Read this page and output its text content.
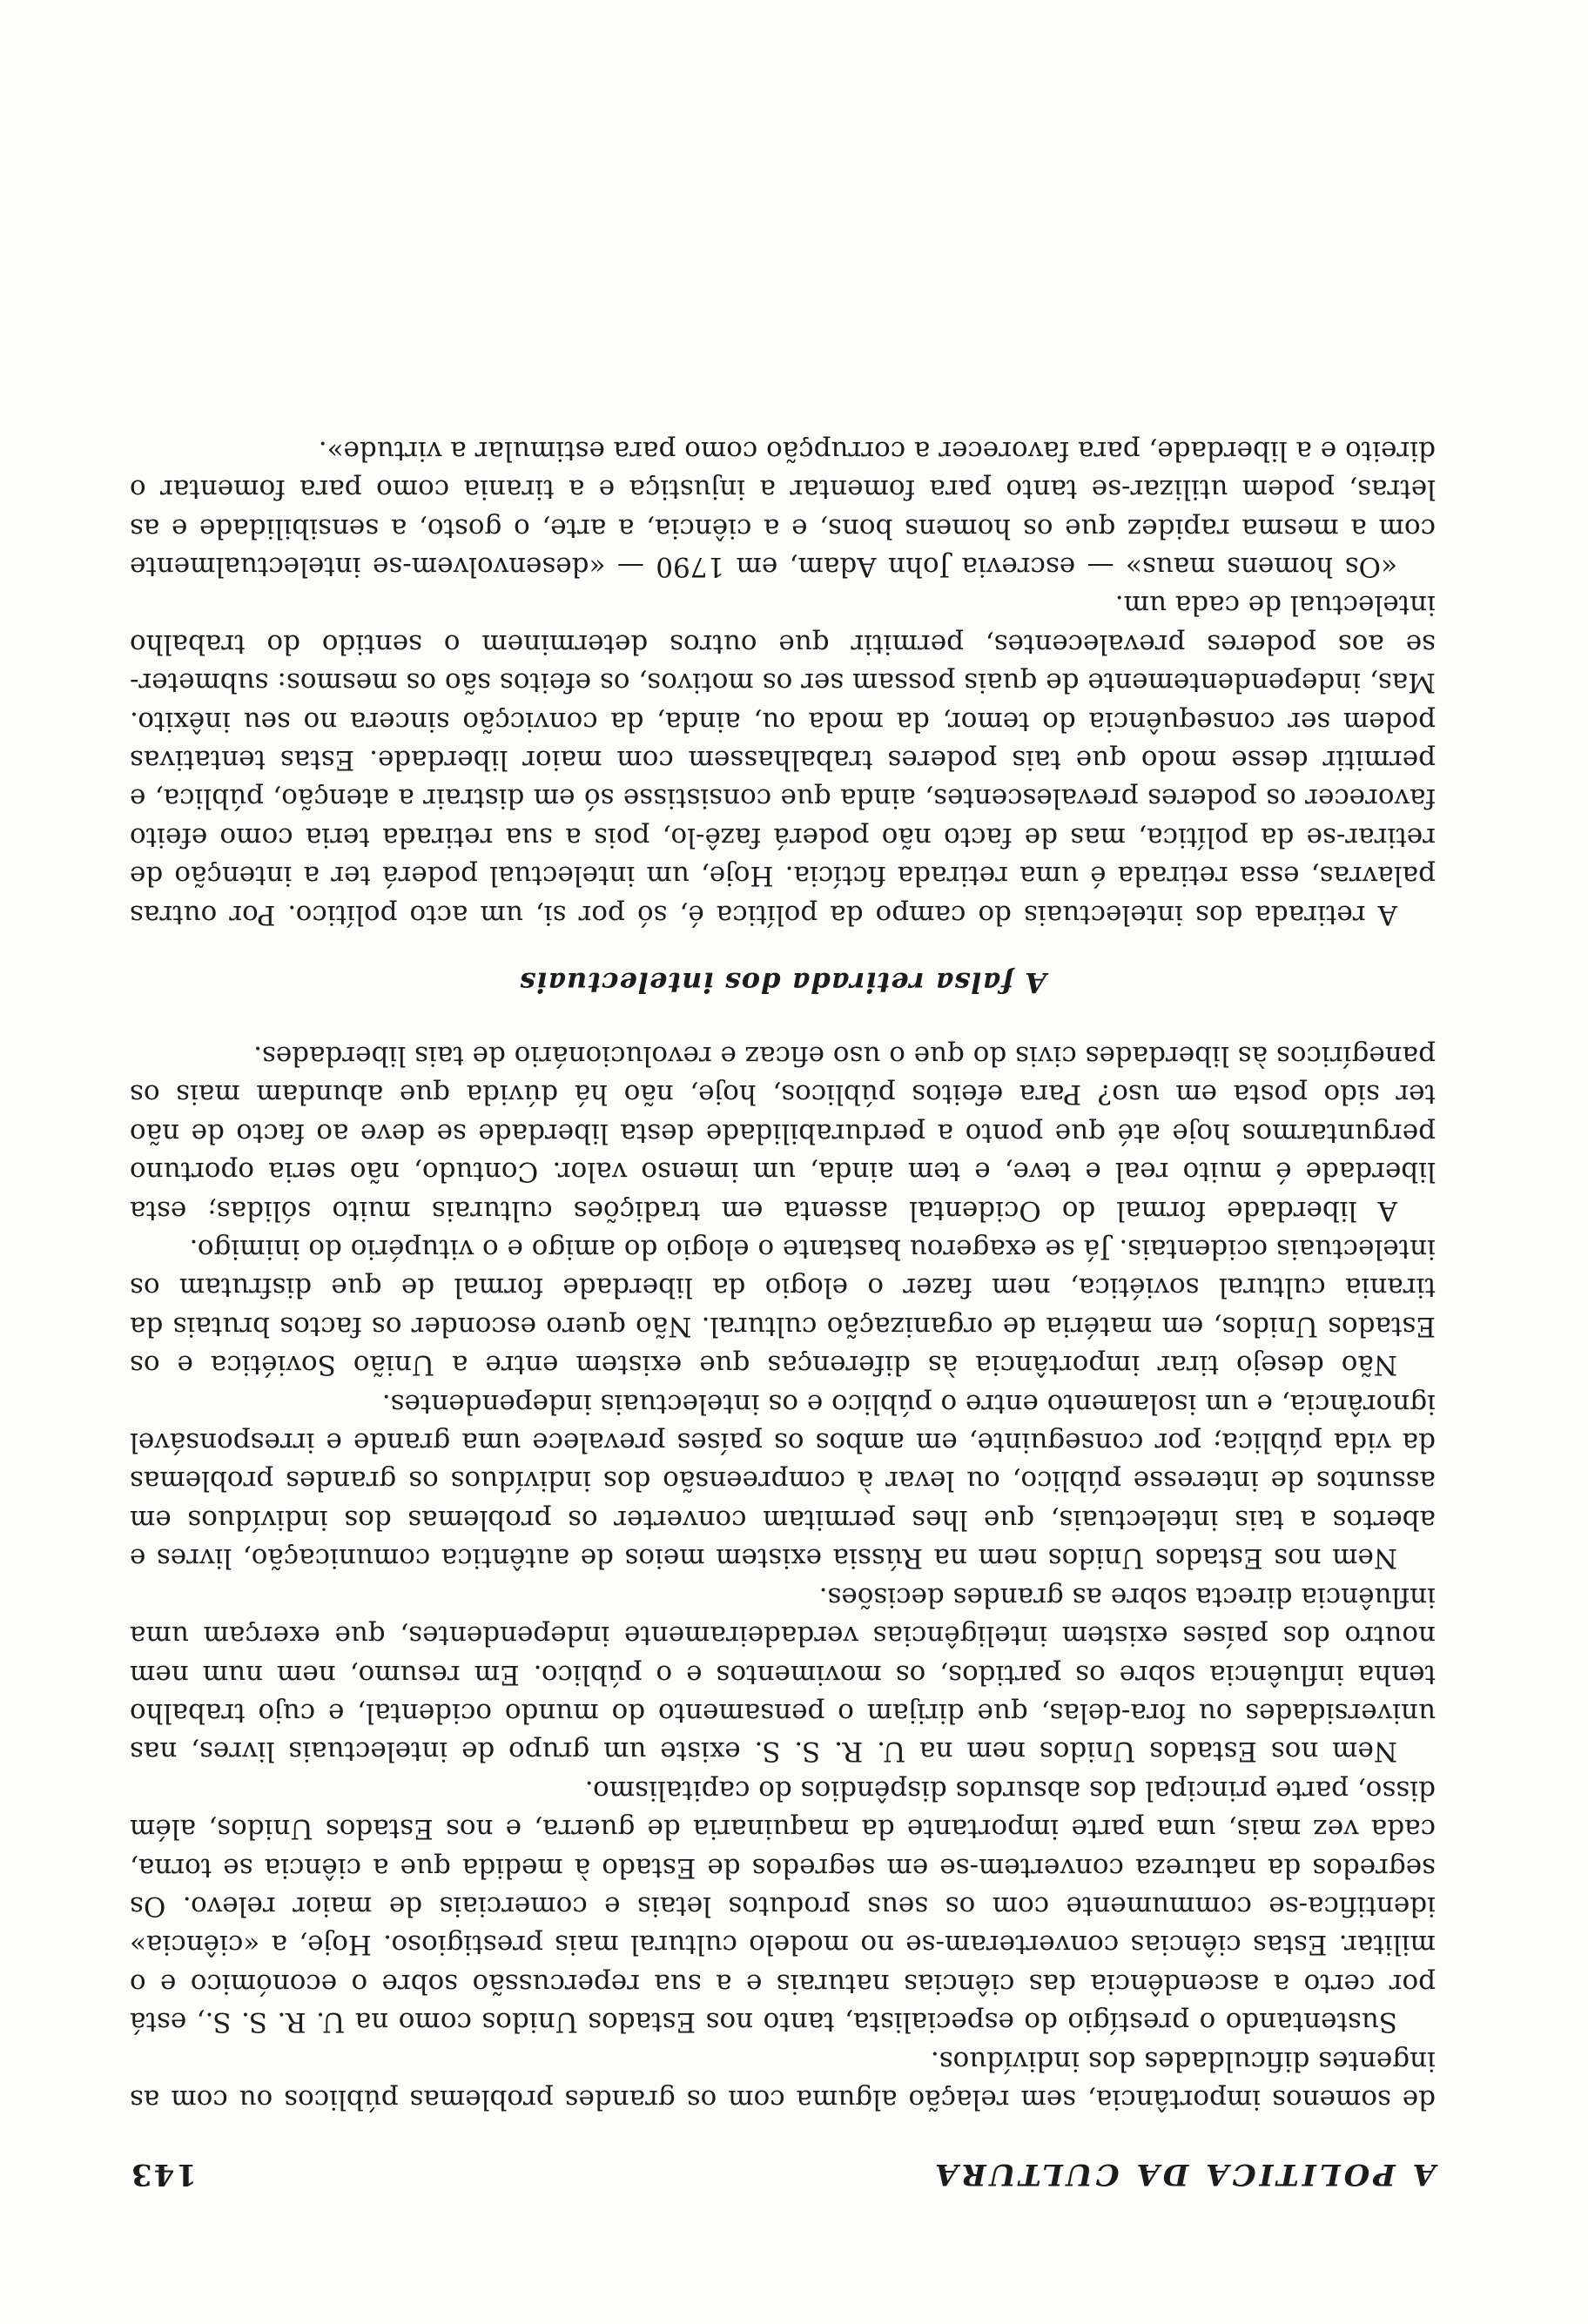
A POLITICA DA CULTURA
143

de somenos importância, sem relação alguma com os grandes problemas públicos ou com as ingentes dificuldades dos indivíduos.

Sustentando o prestígio do especialista, tanto nos Estados Unidos como na U. R. S. S., está por certo a ascendência das ciências naturais e a sua repercussão sobre o económico e o militar. Estas ciências converteram-se no modelo cultural mais prestigioso. Hoje, a «ciência» identifica-se commumente com os seus produtos letais e comerciais de maior relevo. Os segredos da natureza convertem-se em segredos de Estado à medida que a ciência se torna, cada vez mais, uma parte importante da maquinaria de guerra, e nos Estados Unidos, além disso, parte principal dos absurdos dispêndios do capitalismo.

Nem nos Estados Unidos nem na U. R. S. S. existe um grupo de intelectuais livres, nas universidades ou fora-delas, que dirijam o pensamento do mundo ocidental, e cujo trabalho tenha influência sobre os partidos, os movimentos e o público. Em resumo, nem num nem noutro dos países existem inteligências verdadeiramente independentes, que exerçam uma influência directa sobre as grandes decisões.

Nem nos Estados Unidos nem na Rússia existem meios de autêntica comunicação, livres e abertos a tais intelectuais, que lhes permitam converter os problemas dos indivíduos em assuntos de interesse público, ou levar à compreensão dos indivíduos os grandes problemas da vida pública; por conseguinte, em ambos os países prevalece uma grande e irresponsável ignorância, e um isolamento entre o público e os intelectuais independentes.

Não desejo tirar importância às diferenças que existem entre a União Soviética e os Estados Unidos, em matéria de organização cultural. Não quero esconder os factos brutais da tirania cultural soviética, nem fazer o elogio da liberdade formal de que disfrutam os intelectuais ocidentais. Já se exagerou bastante o elogio do amigo e o vitupério do inimigo.

A liberdade formal do Ocidental assenta em tradições culturais muito sólidas; esta liberdade é muito real e teve, e tem ainda, um imenso valor. Contudo, não seria oportuno perguntarmos hoje até que ponto a perdurabilidade desta liberdade se deve ao facto de não ter sido posta em uso? Para efeitos públicos, hoje, não há dúvida que abundam mais os panegíricos às liberdades civis do que o uso eficaz e revolucionário de tais liberdades.

A falsa retirada dos intelectuais

A retirada dos intelectuais do campo da política é, só por si, um acto político. Por outras palavras, essa retirada é uma retirada fictícia. Hoje, um intelectual poderá ter a intenção de retirar-se da política, mas de facto não poderá fazê-lo, pois a sua retirada teria como efeito favorecer os poderes prevalescentes, ainda que consistisse só em distrair a atenção, pública, e permitir desse modo que tais poderes trabalhassem com maior liberdade. Estas tentativas podem ser consequência do temor, da moda ou, ainda, da convicção sincera no seu inêxito. Mas, independentemente de quais possam ser os motivos, os efeitos são os mesmos: submeter-se aos poderes prevalecentes, permitir que outros determinem o sentido do trabalho intelectual de cada um.

«Os homens maus» — escrevia John Adam, em 1790 — «desenvolvem-se intelectualmente com a mesma rapidez que os homens bons, e a ciência, a arte, o gosto, a sensibilidade e as letras, podem utilizar-se tanto para fomentar a injustiça e a tirania como para fomentar o direito e a liberdade, para favorecer a corrupção como para estimular a virtude».
